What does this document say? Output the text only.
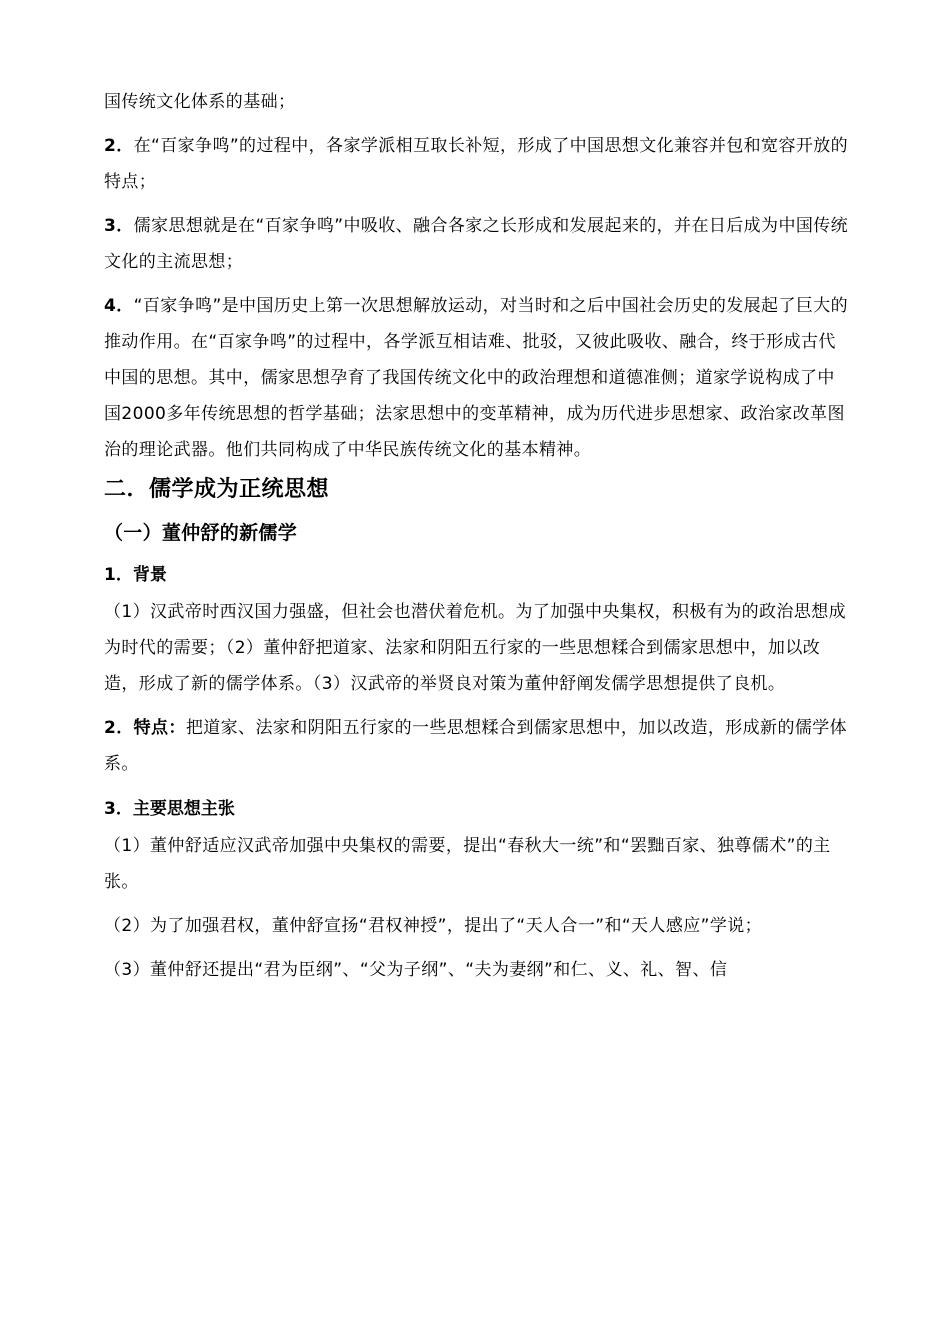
国传统文化体系的基础；

2．在“百家争鸣”的过程中，各家学派相互取长补短，形成了中国思想文化兼容并包和宽容开放的特点；

3．儒家思想就是在“百家争鸣”中吸收、融合各家之长形成和发展起来的，并在日后成为中国传统文化的主流思想；

4．“百家争鸣”是中国历史上第一次思想解放运动，对当时和之后中国社会历史的发展起了巨大的推动作用。在“百家争鸣”的过程中，各学派互相诘难、批驳，又彼此吸收、融合，终于形成古代中国的思想。其中，儒家思想孕育了我国传统文化中的政治理想和道德准侧；道家学说构成了中国2000多年传统思想的哲学基础；法家思想中的变革精神，成为历代进步思想家、政治家改革图治的理论武器。他们共同构成了中华民族传统文化的基本精神。

二．儒学成为正统思想
（一）董仲舒的新儒学
1．背景

（1）汉武帝时西汉国力强盛，但社会也潜伏着危机。为了加强中央集权，积极有为的政治思想成为时代的需要；（2）董仲舒把道家、法家和阴阳五行家的一些思想糅合到儒家思想中，加以改造，形成了新的儒学体系。（3）汉武帝的举贤良对策为董仲舒阐发儒学思想提供了良机。

2．特点：把道家、法家和阴阳五行家的一些思想糅合到儒家思想中，加以改造，形成新的儒学体系。

3．主要思想主张

（1）董仲舒适应汉武帝加强中央集权的需要，提出“春秋大一统”和“罢黜百家、独尊儒术”的主张。

（2）为了加强君权，董仲舒宣扬“君权神授”，提出了“天人合一”和“天人感应”学说；

（3）董仲舒还提出“君为臣纲”、“父为子纲”、“夫为妻纲”和仁、义、礼、智、信
